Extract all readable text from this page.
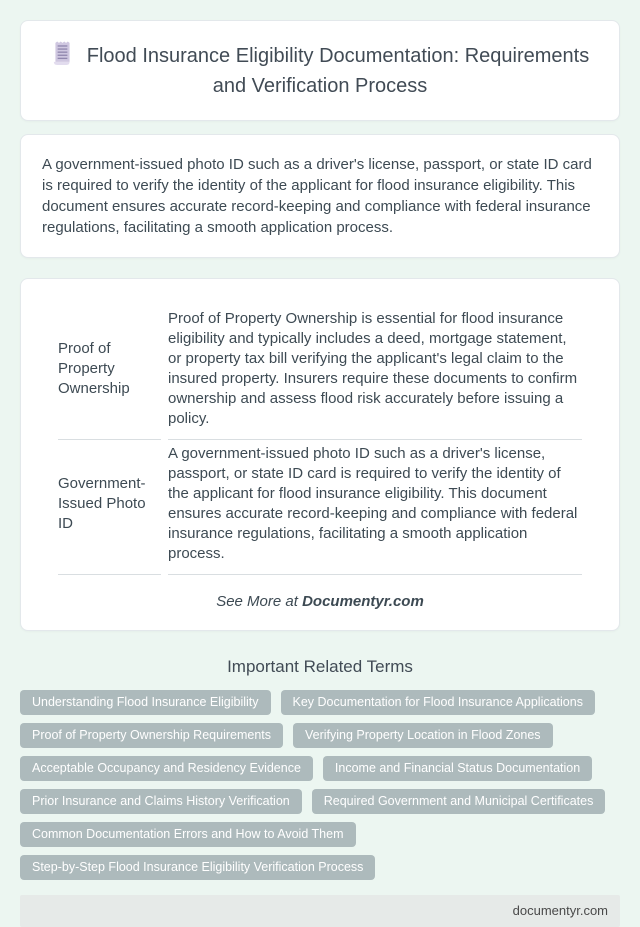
Flood Insurance Eligibility Documentation: Requirements and Verification Process

A government-issued photo ID such as a driver's license, passport, or state ID card is required to verify the identity of the applicant for flood insurance eligibility. This document ensures accurate record-keeping and compliance with federal insurance regulations, facilitating a smooth application process.

Proof of Property Ownership	Proof of Property Ownership is essential for flood insurance eligibility and typically includes a deed, mortgage statement, or property tax bill verifying the applicant's legal claim to the insured property. Insurers require these documents to confirm ownership and assess flood risk accurately before issuing a policy.
Government-Issued Photo ID	A government-issued photo ID such as a driver's license, passport, or state ID card is required to verify the identity of the applicant for flood insurance eligibility. This document ensures accurate record-keeping and compliance with federal insurance regulations, facilitating a smooth application process.

See More at Documentyr.com

Important Related Terms
Understanding Flood Insurance Eligibility	Key Documentation for Flood Insurance Applications
Proof of Property Ownership Requirements	Verifying Property Location in Flood Zones
Acceptable Occupancy and Residency Evidence	Income and Financial Status Documentation
Prior Insurance and Claims History Verification	Required Government and Municipal Certificates
Common Documentation Errors and How to Avoid Them
Step-by-Step Flood Insurance Eligibility Verification Process
documentyr.com
